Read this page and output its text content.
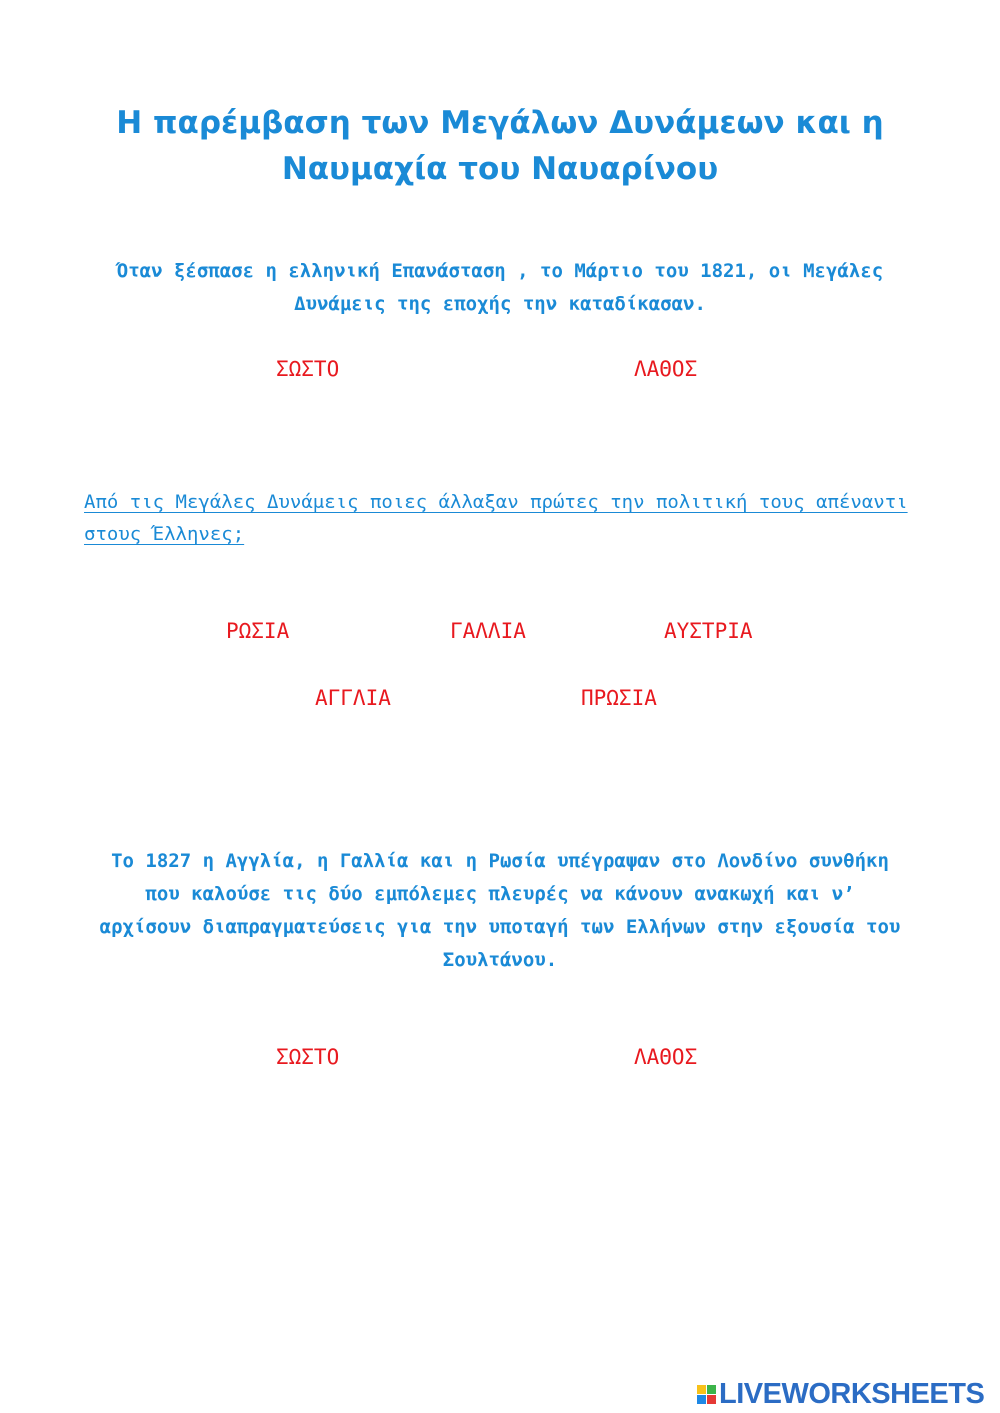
Η παρέμβαση των Μεγάλων Δυνάμεων και η
Ναυμαχία του Ναυαρίνου
Όταν ξέσπασε η ελληνική Επανάσταση , το Μάρτιο του 1821, οι Μεγάλες
Δυνάμεις της εποχής την καταδίκασαν.
ΣΩΣΤΟ	ΛΑΘΟΣ
Από τις Μεγάλες Δυνάμεις ποιες άλλαξαν πρώτες την πολιτική τους απέναντι
στους Έλληνες;
ΡΩΣΙΑ	ΓΑΛΛΙΑ	ΑΥΣΤΡΙΑ
ΑΓΓΛΙΑ	ΠΡΩΣΙΑ
Το 1827 η Αγγλία, η Γαλλία και η Ρωσία υπέγραψαν στο Λονδίνο συνθήκη
που καλούσε τις δύο εμπόλεμες πλευρές να κάνουν ανακωχή και ν’
αρχίσουν διαπραγματεύσεις για την υποταγή των Ελλήνων στην εξουσία του
Σουλτάνου.
ΣΩΣΤΟ	ΛΑΘΟΣ
LIVEWORKSHEETS
